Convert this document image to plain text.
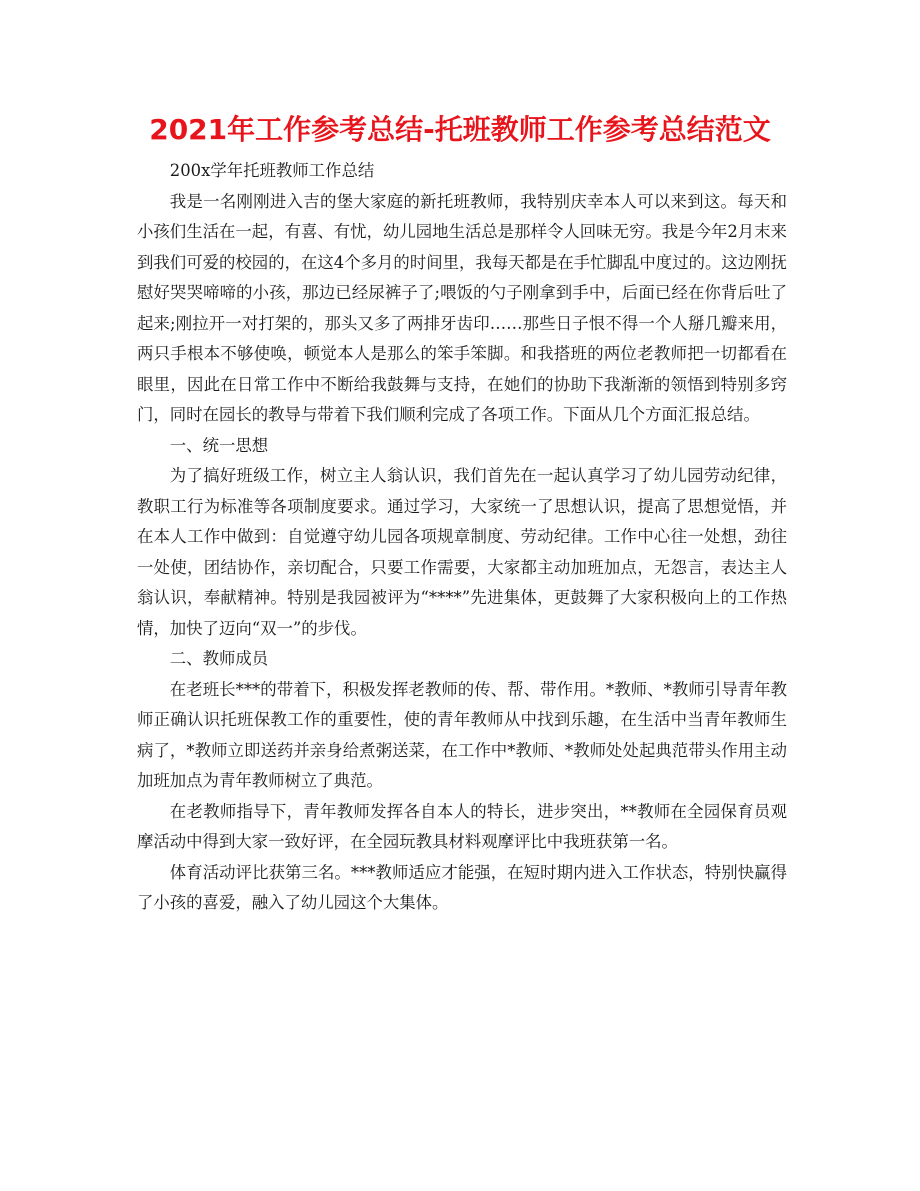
2021年工作参考总结-托班教师工作参考总结范文

200x学年托班教师工作总结

我是一名刚刚进入吉的堡大家庭的新托班教师，我特别庆幸本人可以来到这。每天和小孩们生活在一起，有喜、有忧，幼儿园地生活总是那样令人回味无穷。我是今年2月末来到我们可爱的校园的，在这4个多月的时间里，我每天都是在手忙脚乱中度过的。这边刚抚慰好哭哭啼啼的小孩，那边已经尿裤子了;喂饭的勺子刚拿到手中，后面已经在你背后吐了起来;刚拉开一对打架的，那头又多了两排牙齿印……那些日子恨不得一个人掰几瓣来用，两只手根本不够使唤，顿觉本人是那么的笨手笨脚。和我搭班的两位老教师把一切都看在眼里，因此在日常工作中不断给我鼓舞与支持，在她们的协助下我渐渐的领悟到特别多窍门，同时在园长的教导与带着下我们顺利完成了各项工作。下面从几个方面汇报总结。

一、统一思想

为了搞好班级工作，树立主人翁认识，我们首先在一起认真学习了幼儿园劳动纪律，教职工行为标准等各项制度要求。通过学习，大家统一了思想认识，提高了思想觉悟，并在本人工作中做到：自觉遵守幼儿园各项规章制度、劳动纪律。工作中心往一处想，劲往一处使，团结协作，亲切配合，只要工作需要，大家都主动加班加点，无怨言，表达主人翁认识，奉献精神。特别是我园被评为“****”先进集体，更鼓舞了大家积极向上的工作热情，加快了迈向“双一”的步伐。

二、教师成员

在老班长***的带着下，积极发挥老教师的传、帮、带作用。*教师、*教师引导青年教师正确认识托班保教工作的重要性，使的青年教师从中找到乐趣，在生活中当青年教师生病了，*教师立即送药并亲身给煮粥送菜，在工作中*教师、*教师处处起典范带头作用主动加班加点为青年教师树立了典范。

在老教师指导下，青年教师发挥各自本人的特长，进步突出，**教师在全园保育员观摩活动中得到大家一致好评，在全园玩教具材料观摩评比中我班获第一名。

体育活动评比获第三名。***教师适应才能强，在短时期内进入工作状态，特别快赢得了小孩的喜爱，融入了幼儿园这个大集体。
